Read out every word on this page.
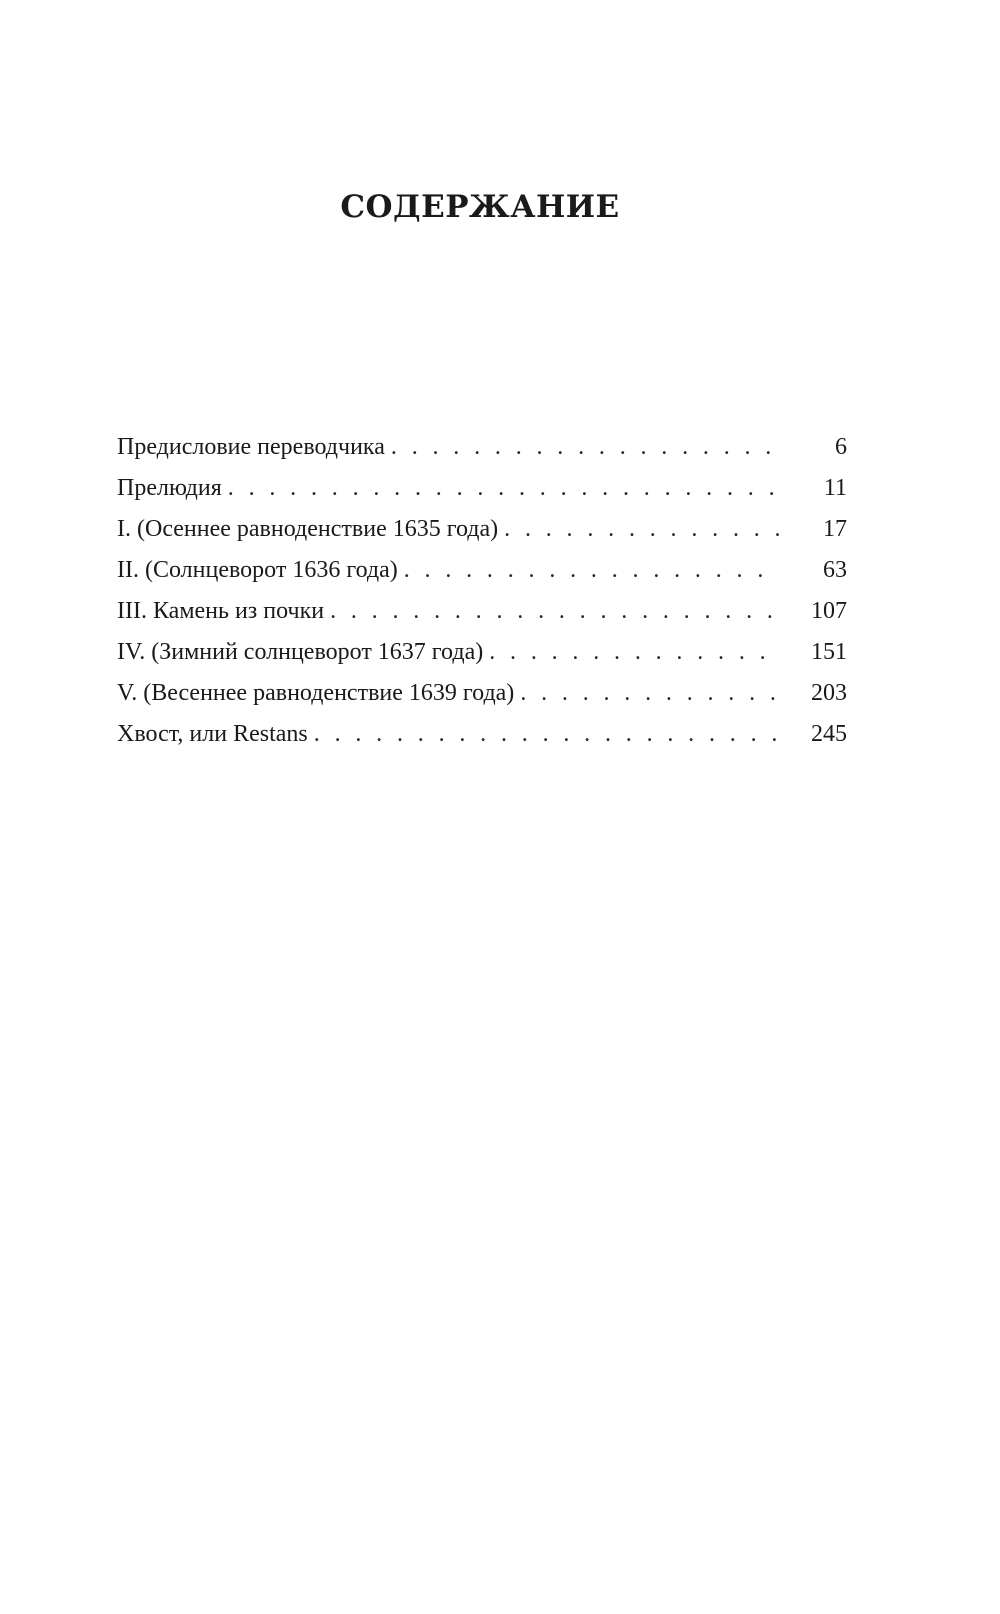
СОДЕРЖАНИЕ
Предисловие переводчика . . .	6
Прелюдия . . .	11
I. (Осеннее равноденствие 1635 года) . . .	17
II. (Солнцеворот 1636 года) . . .	63
III. Камень из почки . . .	107
IV. (Зимний солнцеворот 1637 года) . . .	151
V. (Весеннее равноденствие 1639 года) . . .	203
Хвост, или Restans . . .	245
